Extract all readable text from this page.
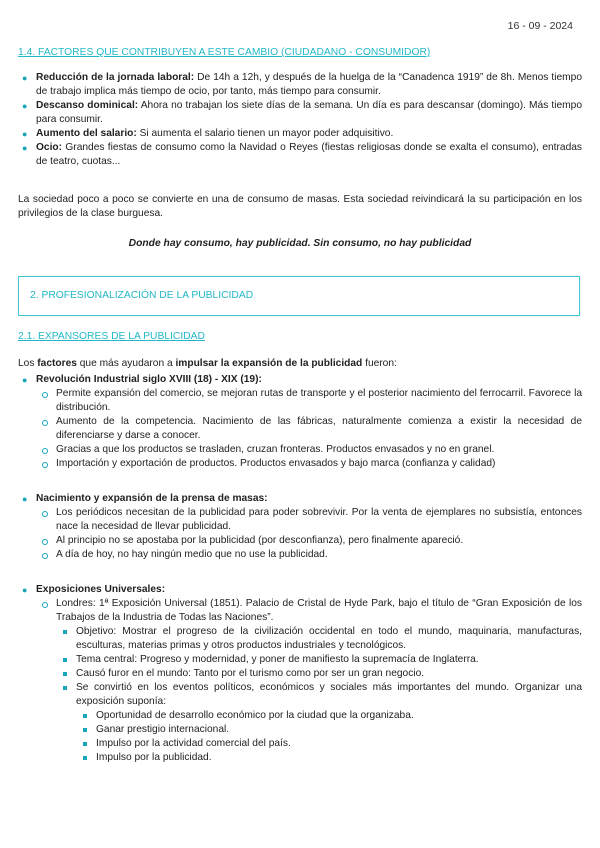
16 - 09 - 2024
1.4. FACTORES QUE CONTRIBUYEN A ESTE CAMBIO (CIUDADANO - CONSUMIDOR)
● Reducción de la jornada laboral: De 14h a 12h, y después de la huelga de la “Canadenca 1919” de 8h. Menos tiempo de trabajo implica más tiempo de ocio, por tanto, más tiempo para consumir.
● Descanso dominical: Ahora no trabajan los siete días de la semana. Un día es para descansar (domingo). Más tiempo para consumir.
● Aumento del salario: Si aumenta el salario tienen un mayor poder adquisitivo.
● Ocio: Grandes fiestas de consumo como la Navidad o Reyes (fiestas religiosas donde se exalta el consumo), entradas de teatro, cuotas...
La sociedad poco a poco se convierte en una de consumo de masas. Esta sociedad reivindicará la su participación en los privilegios de la clase burguesa.
Donde hay consumo, hay publicidad. Sin consumo, no hay publicidad
2. PROFESIONALIZACIÓN DE LA PUBLICIDAD
2.1. EXPANSORES DE LA PUBLICIDAD
Los factores que más ayudaron a impulsar la expansión de la publicidad fueron:
● Revolución Industrial siglo XVIII (18) - XIX (19):
Permite expansión del comercio, se mejoran rutas de transporte y el posterior nacimiento del ferrocarril. Favorece la distribución.
Aumento de la competencia. Nacimiento de las fábricas, naturalmente comienza a existir la necesidad de diferenciarse y darse a conocer.
Gracias a que los productos se trasladen, cruzan fronteras. Productos envasados y no en granel.
Importación y exportación de productos. Productos envasados y bajo marca (confianza y calidad)
● Nacimiento y expansión de la prensa de masas:
Los periódicos necesitan de la publicidad para poder sobrevivir. Por la venta de ejemplares no subsistía, entonces nace la necesidad de llevar publicidad.
Al principio no se apostaba por la publicidad (por desconfianza), pero finalmente apareció.
A día de hoy, no hay ningún medio que no use la publicidad.
● Exposiciones Universales:
Londres: 1ª Exposición Universal (1851). Palacio de Cristal de Hyde Park, bajo el título de “Gran Exposición de los Trabajos de la Industria de Todas las Naciones”.
Objetivo: Mostrar el progreso de la civilización occidental en todo el mundo, maquinaria, manufacturas, esculturas, materias primas y otros productos industriales y tecnológicos.
Tema central: Progreso y modernidad, y poner de manifiesto la supremacía de Inglaterra.
Causó furor en el mundo: Tanto por el turismo como por ser un gran negocio.
Se convirtió en los eventos políticos, económicos y sociales más importantes del mundo. Organizar una exposición suponía:
Oportunidad de desarrollo económico por la ciudad que la organizaba.
Ganar prestigio internacional.
Impulso por la actividad comercial del país.
Impulso por la publicidad.
